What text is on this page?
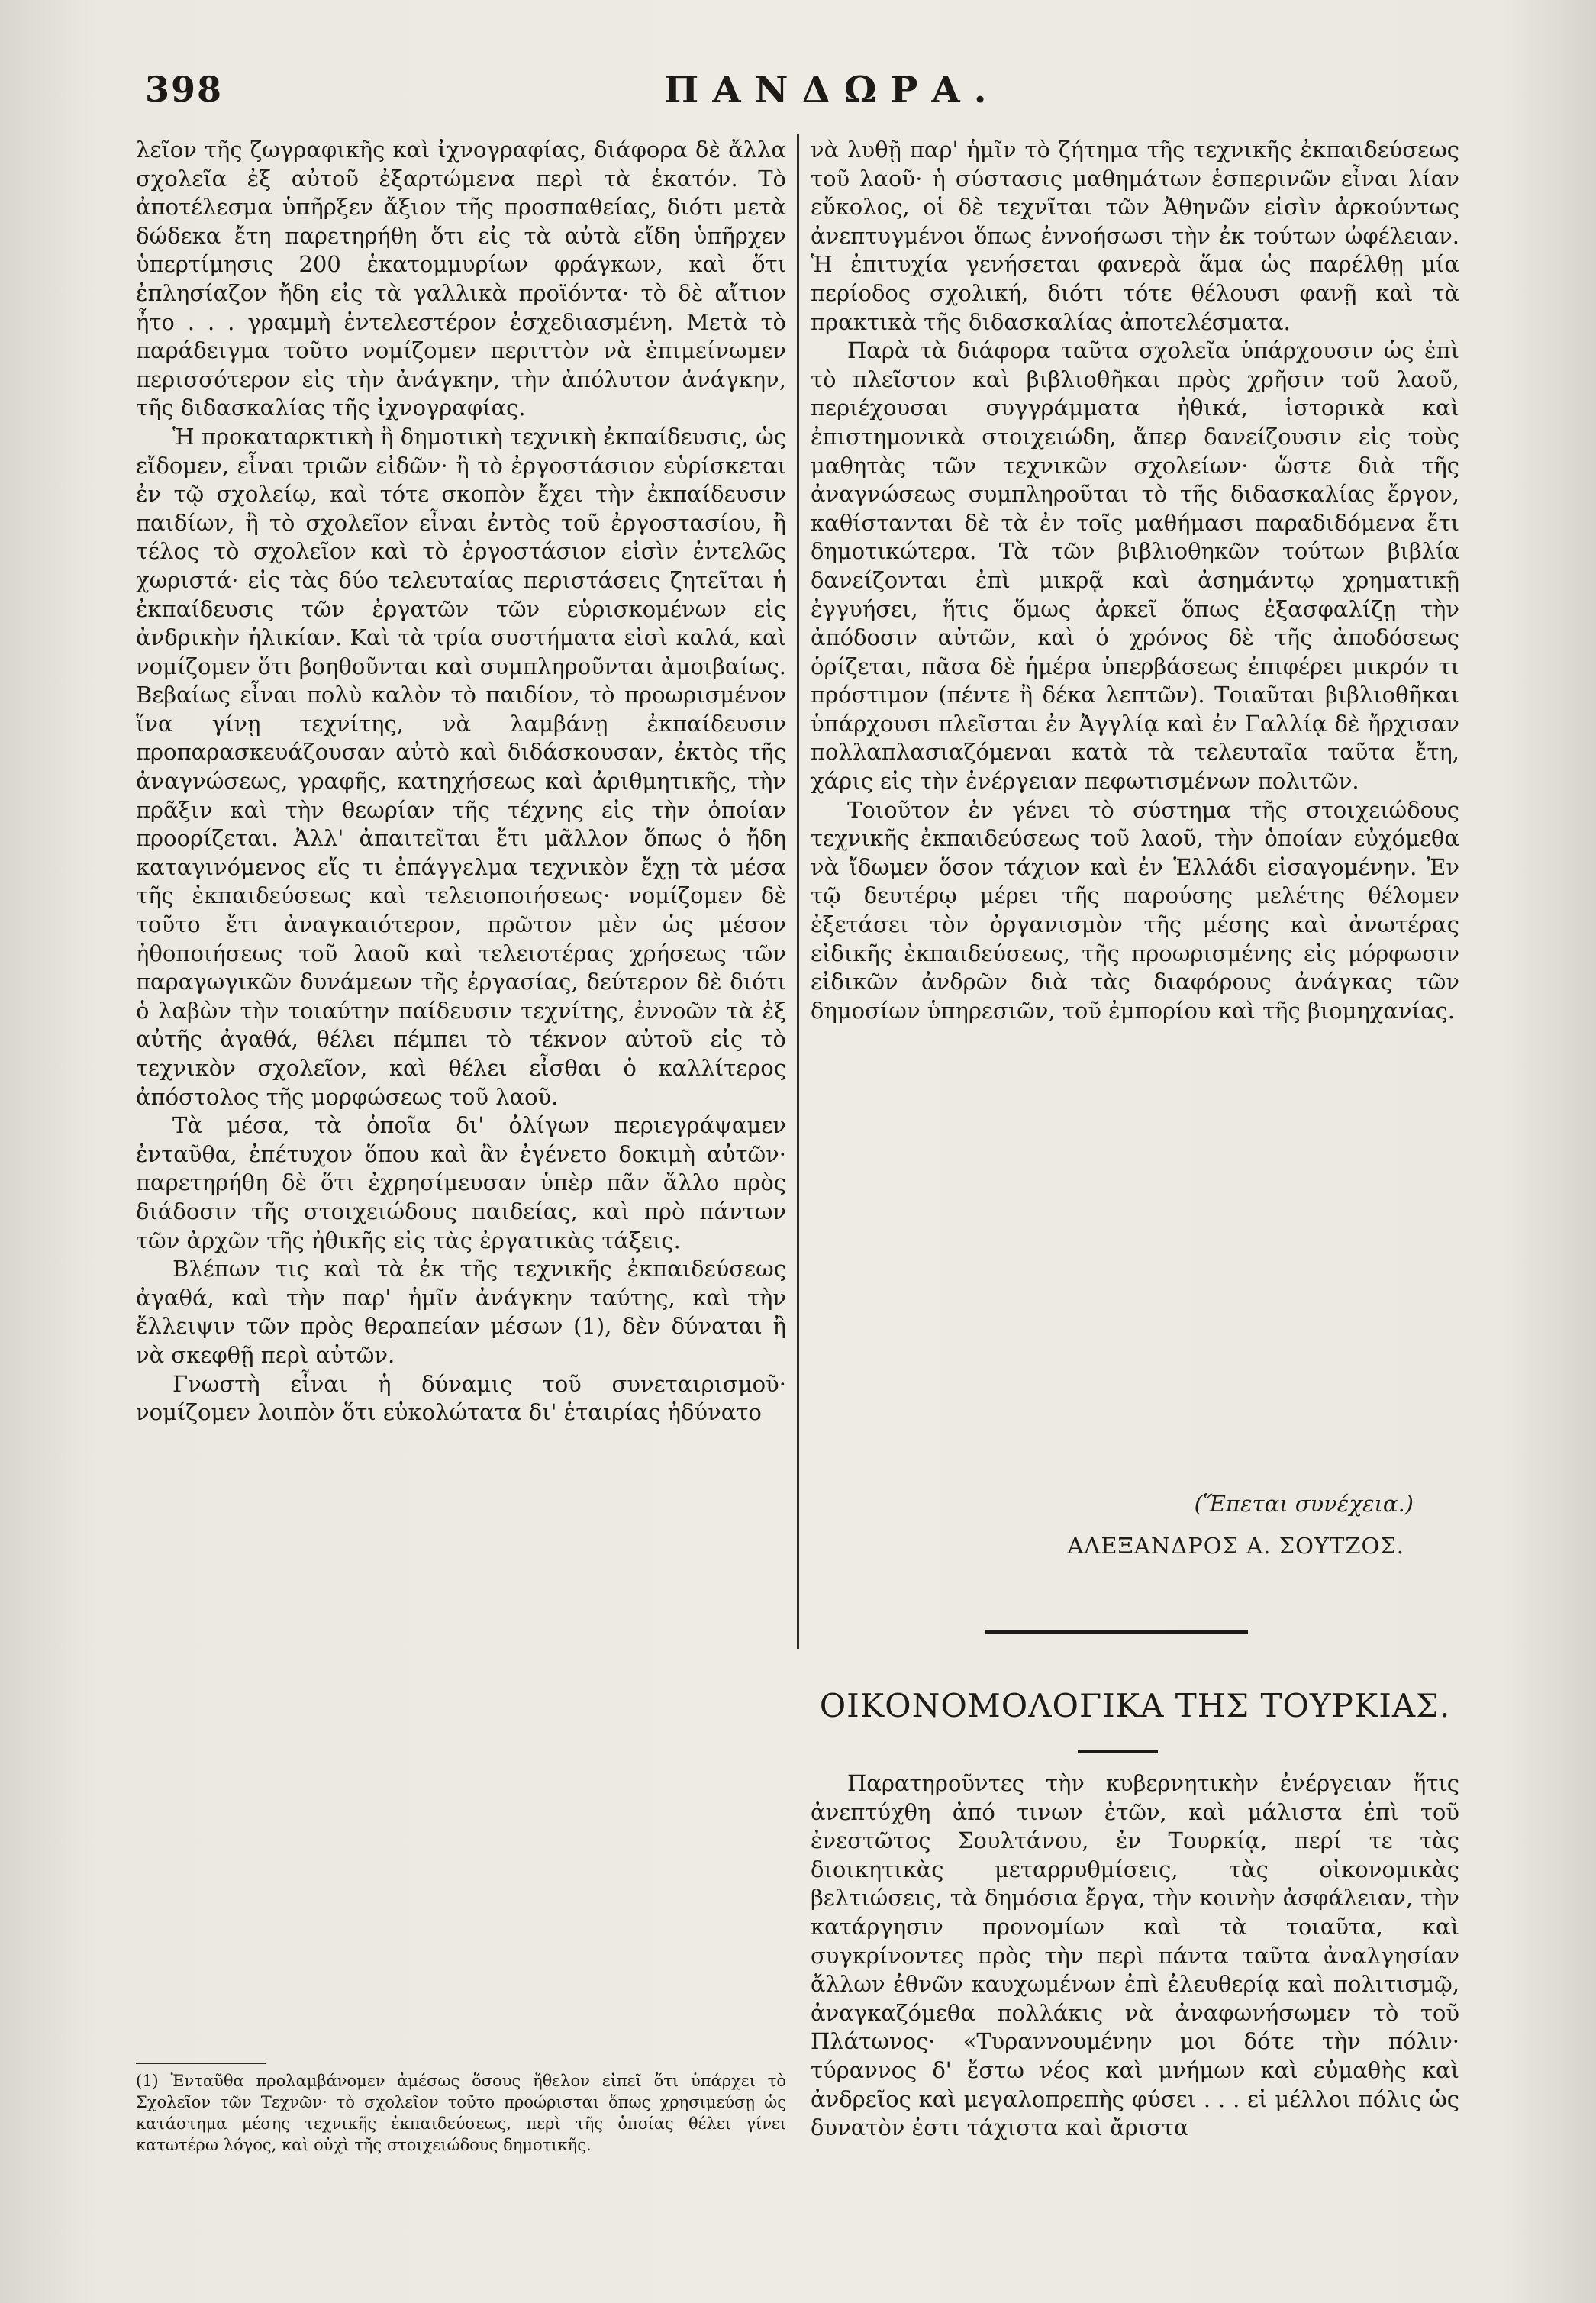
398	ΠΑΝΔΩΡΑ.

λεῖον τῆς ζωγραφικῆς καὶ ἰχνογραφίας, διάφορα δὲ ἄλλα σχολεῖα ἐξ αὐτοῦ ἐξαρτώμενα περὶ τὰ ἑκατόν. Τὸ ἀποτέλεσμα ὑπῆρξεν ἄξιον τῆς προσπαθείας, διότι μετὰ δώδεκα ἔτη παρετηρήθη ὅτι εἰς τὰ αὐτὰ εἴδη ὑπῆρχεν ὑπερτίμησις 200 ἑκατομμυρίων φράγκων, καὶ ὅτι ἐπλησίαζον ἤδη εἰς τὰ γαλλικὰ προϊόντα· τὸ δὲ αἴτιον ἦτο . . . γραμμὴ ἐντελεστέρον ἐσχεδιασμένη. Μετὰ τὸ παράδειγμα τοῦτο νομίζομεν περιττὸν νὰ ἐπιμείνωμεν περισσότερον εἰς τὴν ἀνάγκην, τὴν ἀπόλυτον ἀνάγκην, τῆς διδασκαλίας τῆς ἰχνογραφίας.

Ἡ προκαταρκτικὴ ἢ δημοτικὴ τεχνικὴ ἐκπαίδευσις, ὡς εἴδομεν, εἶναι τριῶν εἰδῶν· ἢ τὸ ἐργοστάσιον εὑρίσκεται ἐν τῷ σχολείῳ, καὶ τότε σκοπὸν ἔχει τὴν ἐκπαίδευσιν παιδίων, ἢ τὸ σχολεῖον εἶναι ἐντὸς τοῦ ἐργοστασίου, ἢ τέλος τὸ σχολεῖον καὶ τὸ ἐργοστάσιον εἰσὶν ἐντελῶς χωριστά· εἰς τὰς δύο τελευταίας περιστάσεις ζητεῖται ἡ ἐκπαίδευσις τῶν ἐργατῶν τῶν εὑρισκομένων εἰς ἀνδρικὴν ἡλικίαν. Καὶ τὰ τρία συστήματα εἰσὶ καλά, καὶ νομίζομεν ὅτι βοηθοῦνται καὶ συμπληροῦνται ἀμοιβαίως. Βεβαίως εἶναι πολὺ καλὸν τὸ παιδίον, τὸ προωρισμένον ἵνα γίνῃ τεχνίτης, νὰ λαμβάνῃ ἐκπαίδευσιν προπαρασκευάζουσαν αὐτὸ καὶ διδάσκουσαν, ἐκτὸς τῆς ἀναγνώσεως, γραφῆς, κατηχήσεως καὶ ἀριθμητικῆς, τὴν πρᾶξιν καὶ τὴν θεωρίαν τῆς τέχνης εἰς τὴν ὁποίαν προορίζεται. Ἀλλ' ἀπαιτεῖται ἔτι μᾶλλον ὅπως ὁ ἤδη καταγινόμενος εἴς τι ἐπάγγελμα τεχνικὸν ἔχῃ τὰ μέσα τῆς ἐκπαιδεύσεως καὶ τελειοποιήσεως· νομίζομεν δὲ τοῦτο ἔτι ἀναγκαιότερον, πρῶτον μὲν ὡς μέσον ἠθοποιήσεως τοῦ λαοῦ καὶ τελειοτέρας χρήσεως τῶν παραγωγικῶν δυνάμεων τῆς ἐργασίας, δεύτερον δὲ διότι ὁ λαβὼν τὴν τοιαύτην παίδευσιν τεχνίτης, ἐννοῶν τὰ ἐξ αὐτῆς ἀγαθά, θέλει πέμπει τὸ τέκνον αὐτοῦ εἰς τὸ τεχνικὸν σχολεῖον, καὶ θέλει εἶσθαι ὁ καλλίτερος ἀπόστολος τῆς μορφώσεως τοῦ λαοῦ.

Τὰ μέσα, τὰ ὁποῖα δι' ὀλίγων περιεγράψαμεν ἐνταῦθα, ἐπέτυχον ὅπου καὶ ἂν ἐγένετο δοκιμὴ αὐτῶν· παρετηρήθη δὲ ὅτι ἐχρησίμευσαν ὑπὲρ πᾶν ἄλλο πρὸς διάδοσιν τῆς στοιχειώδους παιδείας, καὶ πρὸ πάντων τῶν ἀρχῶν τῆς ἠθικῆς εἰς τὰς ἐργατικὰς τάξεις.

Βλέπων τις καὶ τὰ ἐκ τῆς τεχνικῆς ἐκπαιδεύσεως ἀγαθά, καὶ τὴν παρ' ἡμῖν ἀνάγκην ταύτης, καὶ τὴν ἔλλειψιν τῶν πρὸς θεραπείαν μέσων (1), δὲν δύναται ἢ νὰ σκεφθῇ περὶ αὐτῶν.

Γνωστὴ εἶναι ἡ δύναμις τοῦ συνεταιρισμοῦ· νομίζομεν λοιπὸν ὅτι εὐκολώτατα δι' ἑταιρίας ἠδύνατο

(1) Ἐνταῦθα προλαμβάνομεν ἀμέσως ὅσους ἤθελον εἰπεῖ ὅτι ὑπάρχει τὸ Σχολεῖον τῶν Τεχνῶν· τὸ σχολεῖον τοῦτο προώρισται ὅπως χρησιμεύσῃ ὡς κατάστημα μέσης τεχνικῆς ἐκπαιδεύσεως, περὶ τῆς ὁποίας θέλει γίνει κατωτέρω λόγος, καὶ οὐχὶ τῆς στοιχειώδους δημοτικῆς.

νὰ λυθῇ παρ' ἡμῖν τὸ ζήτημα τῆς τεχνικῆς ἐκπαιδεύσεως τοῦ λαοῦ· ἡ σύστασις μαθημάτων ἑσπερινῶν εἶναι λίαν εὔκολος, οἱ δὲ τεχνῖται τῶν Ἀθηνῶν εἰσὶν ἀρκούντως ἀνεπτυγμένοι ὅπως ἐννοήσωσι τὴν ἐκ τούτων ὠφέλειαν. Ἡ ἐπιτυχία γενήσεται φανερὰ ἅμα ὡς παρέλθῃ μία περίοδος σχολική, διότι τότε θέλουσι φανῇ καὶ τὰ πρακτικὰ τῆς διδασκαλίας ἀποτελέσματα.

Παρὰ τὰ διάφορα ταῦτα σχολεῖα ὑπάρχουσιν ὡς ἐπὶ τὸ πλεῖστον καὶ βιβλιοθῆκαι πρὸς χρῆσιν τοῦ λαοῦ, περιέχουσαι συγγράμματα ἠθικά, ἱστορικὰ καὶ ἐπιστημονικὰ στοιχειώδη, ἅπερ δανείζουσιν εἰς τοὺς μαθητὰς τῶν τεχνικῶν σχολείων· ὥστε διὰ τῆς ἀναγνώσεως συμπληροῦται τὸ τῆς διδασκαλίας ἔργον, καθίστανται δὲ τὰ ἐν τοῖς μαθήμασι παραδιδόμενα ἔτι δημοτικώτερα. Τὰ τῶν βιβλιοθηκῶν τούτων βιβλία δανείζονται ἐπὶ μικρᾷ καὶ ἀσημάντῳ χρηματικῇ ἐγγυήσει, ἥτις ὅμως ἀρκεῖ ὅπως ἐξασφαλίζῃ τὴν ἀπόδοσιν αὐτῶν, καὶ ὁ χρόνος δὲ τῆς ἀποδόσεως ὁρίζεται, πᾶσα δὲ ἡμέρα ὑπερβάσεως ἐπιφέρει μικρόν τι πρόστιμον (πέντε ἢ δέκα λεπτῶν). Τοιαῦται βιβλιοθῆκαι ὑπάρχουσι πλεῖσται ἐν Ἀγγλίᾳ καὶ ἐν Γαλλίᾳ δὲ ἤρχισαν πολλαπλασιαζόμεναι κατὰ τὰ τελευταῖα ταῦτα ἔτη, χάρις εἰς τὴν ἐνέργειαν πεφωτισμένων πολιτῶν.

Τοιοῦτον ἐν γένει τὸ σύστημα τῆς στοιχειώδους τεχνικῆς ἐκπαιδεύσεως τοῦ λαοῦ, τὴν ὁποίαν εὐχόμεθα νὰ ἴδωμεν ὅσον τάχιον καὶ ἐν Ἑλλάδι εἰσαγομένην. Ἐν τῷ δευτέρῳ μέρει τῆς παρούσης μελέτης θέλομεν ἐξετάσει τὸν ὀργανισμὸν τῆς μέσης καὶ ἀνωτέρας εἰδικῆς ἐκπαιδεύσεως, τῆς προωρισμένης εἰς μόρφωσιν εἰδικῶν ἀνδρῶν διὰ τὰς διαφόρους ἀνάγκας τῶν δημοσίων ὑπηρεσιῶν, τοῦ ἐμπορίου καὶ τῆς βιομηχανίας.

(Ἕπεται συνέχεια.)
ΑΛΕΞΑΝΔΡΟΣ Α. ΣΟΥΤΖΟΣ.
ΟΙΚΟΝΟΜΟΛΟΓΙΚΑ ΤΗΣ ΤΟΥΡΚΙΑΣ.

Παρατηροῦντες τὴν κυβερνητικὴν ἐνέργειαν ἥτις ἀνεπτύχθη ἀπό τινων ἐτῶν, καὶ μάλιστα ἐπὶ τοῦ ἐνεστῶτος Σουλτάνου, ἐν Τουρκίᾳ, περί τε τὰς διοικητικὰς μεταρρυθμίσεις, τὰς οἰκονομικὰς βελτιώσεις, τὰ δημόσια ἔργα, τὴν κοινὴν ἀσφάλειαν, τὴν κατάργησιν προνομίων καὶ τὰ τοιαῦτα, καὶ συγκρίνοντες πρὸς τὴν περὶ πάντα ταῦτα ἀναλγησίαν ἄλλων ἐθνῶν καυχωμένων ἐπὶ ἐλευθερίᾳ καὶ πολιτισμῷ, ἀναγκαζόμεθα πολλάκις νὰ ἀναφωνήσωμεν τὸ τοῦ Πλάτωνος· «Τυραννουμένην μοι δότε τὴν πόλιν· τύραννος δ' ἔστω νέος καὶ μνήμων καὶ εὐμαθὴς καὶ ἀνδρεῖος καὶ μεγαλοπρεπὴς φύσει . . . εἰ μέλλοι πόλις ὡς δυνατὸν ἐστι τάχιστα καὶ ἄριστα
